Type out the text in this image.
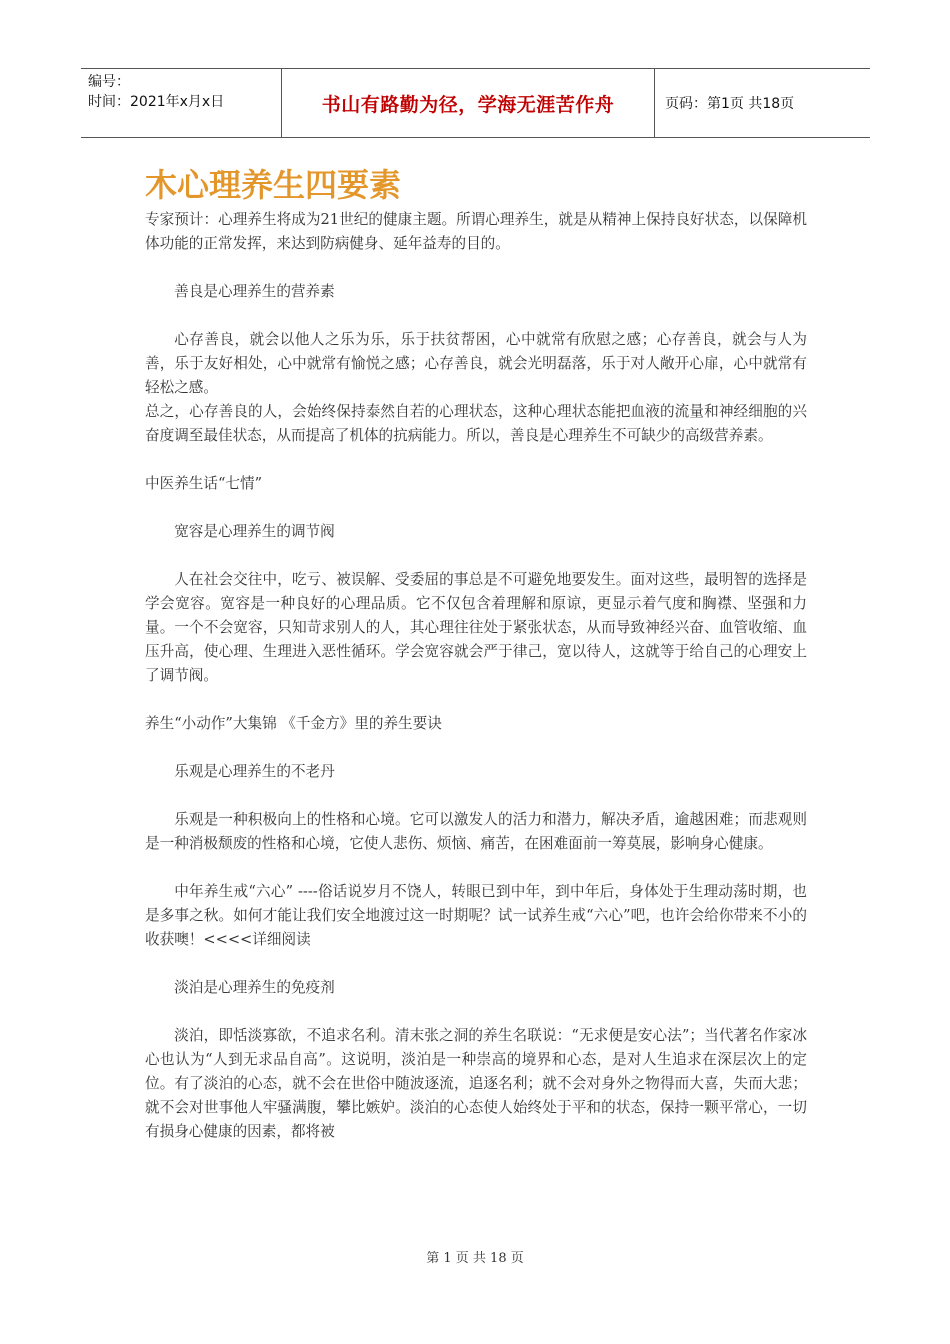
编号：
时间：2021年x月x日	书山有路勤为径，学海无涯苦作舟	页码：第1页 共18页
木心理养生四要素

专家预计：心理养生将成为21世纪的健康主题。所谓心理养生，就是从精神上保持良好状态，以保障机体功能的正常发挥，来达到防病健身、延年益寿的目的。

善良是心理养生的营养素

心存善良，就会以他人之乐为乐，乐于扶贫帮困，心中就常有欣慰之感；心存善良，就会与人为善，乐于友好相处，心中就常有愉悦之感；心存善良，就会光明磊落，乐于对人敞开心扉，心中就常有轻松之感。

总之，心存善良的人，会始终保持泰然自若的心理状态，这种心理状态能把血液的流量和神经细胞的兴奋度调至最佳状态，从而提高了机体的抗病能力。所以，善良是心理养生不可缺少的高级营养素。

中医养生话“七情”

宽容是心理养生的调节阀

人在社会交往中，吃亏、被误解、受委屈的事总是不可避免地要发生。面对这些，最明智的选择是学会宽容。宽容是一种良好的心理品质。它不仅包含着理解和原谅，更显示着气度和胸襟、坚强和力量。一个不会宽容，只知苛求别人的人，其心理往往处于紧张状态，从而导致神经兴奋、血管收缩、血压升高，使心理、生理进入恶性循环。学会宽容就会严于律己，宽以待人，这就等于给自己的心理安上了调节阀。

养生“小动作”大集锦 《千金方》里的养生要诀

乐观是心理养生的不老丹

乐观是一种积极向上的性格和心境。它可以激发人的活力和潜力，解决矛盾，逾越困难；而悲观则是一种消极颓废的性格和心境，它使人悲伤、烦恼、痛苦，在困难面前一筹莫展，影响身心健康。

中年养生戒“六心” ----俗话说岁月不饶人，转眼已到中年，到中年后，身体处于生理动荡时期，也是多事之秋。如何才能让我们安全地渡过这一时期呢？试一试养生戒“六心”吧，也许会给你带来不小的收获噢！<<<<详细阅读

淡泊是心理养生的免疫剂

淡泊，即恬淡寡欲，不追求名利。清末张之洞的养生名联说：“无求便是安心法”；当代著名作家冰心也认为“人到无求品自高”。这说明，淡泊是一种崇高的境界和心态，是对人生追求在深层次上的定位。有了淡泊的心态，就不会在世俗中随波逐流，追逐名利；就不会对身外之物得而大喜，失而大悲；就不会对世事他人牢骚满腹，攀比嫉妒。淡泊的心态使人始终处于平和的状态，保持一颗平常心，一切有损身心健康的因素，都将被

第 1 页 共 18 页
